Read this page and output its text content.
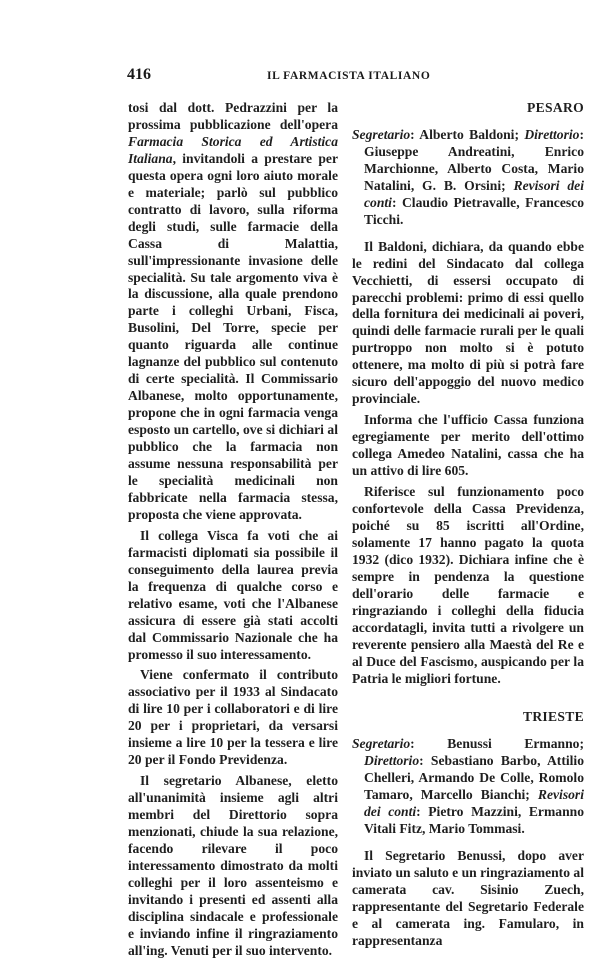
416	IL FARMACISTA ITALIANO

tosi dal dott. Pedrazzini per la prossima pubblicazione dell'opera Farmacia Storica ed Artistica Italiana, invitandoli a prestare per questa opera ogni loro aiuto morale e materiale; parlò sul pubblico contratto di lavoro, sulla riforma degli studi, sulle farmacie della Cassa di Malattia, sull'impressionante invasione delle specialità. Su tale argomento viva è la discussione, alla quale prendono parte i colleghi Urbani, Fisca, Busolini, Del Torre, specie per quanto riguarda alle continue lagnanze del pubblico sul contenuto di certe specialità. Il Commissario Albanese, molto opportunamente, propone che in ogni farmacia venga esposto un cartello, ove si dichiari al pubblico che la farmacia non assume nessuna responsabilità per le specialità medicinali non fabbricate nella farmacia stessa, proposta che viene approvata.

Il collega Visca fa voti che ai farmacisti diplomati sia possibile il conseguimento della laurea previa la frequenza di qualche corso e relativo esame, voti che l'Albanese assicura di essere già stati accolti dal Commissario Nazionale che ha promesso il suo interessamento.

Viene confermato il contributo associativo per il 1933 al Sindacato di lire 10 per i collaboratori e di lire 20 per i proprietari, da versarsi insieme a lire 10 per la tessera e lire 20 per il Fondo Previdenza.

Il segretario Albanese, eletto all'unanimità insieme agli altri membri del Direttorio sopra menzionati, chiude la sua relazione, facendo rilevare il poco interessamento dimostrato da molti colleghi per il loro assenteismo e invitando i presenti ed assenti alla disciplina sindacale e professionale e inviando infine il ringraziamento all'ing. Venuti per il suo intervento.

PESARO

Segretario: Alberto Baldoni; Direttorio: Giuseppe Andreatini, Enrico Marchionne, Alberto Costa, Mario Natalini, G. B. Orsini; Revisori dei conti: Claudio Pietravalle, Francesco Ticchi.

Il Baldoni, dichiara, da quando ebbe le redini del Sindacato dal collega Vecchietti, di essersi occupato di parecchi problemi: primo di essi quello della fornitura dei medicinali ai poveri, quindi delle farmacie rurali per le quali purtroppo non molto si è potuto ottenere, ma molto di più si potrà fare sicuro dell'appoggio del nuovo medico provinciale.

Informa che l'ufficio Cassa funziona egregiamente per merito dell'ottimo collega Amedeo Natalini, cassa che ha un attivo di lire 605.

Riferisce sul funzionamento poco confortevole della Cassa Previdenza, poiché su 85 iscritti all'Ordine, solamente 17 hanno pagato la quota 1932 (dico 1932). Dichiara infine che è sempre in pendenza la questione dell'orario delle farmacie e ringraziando i colleghi della fiducia accordatagli, invita tutti a rivolgere un reverente pensiero alla Maestà del Re e al Duce del Fascismo, auspicando per la Patria le migliori fortune.

TRIESTE

Segretario: Benussi Ermanno; Direttorio: Sebastiano Barbo, Attilio Chelleri, Armando De Colle, Romolo Tamaro, Marcello Bianchi; Revisori dei conti: Pietro Mazzini, Ermanno Vitali Fitz, Mario Tommasi.

Il Segretario Benussi, dopo aver inviato un saluto e un ringraziamento al camerata cav. Sisinio Zuech, rappresentante del Segretario Federale e al camerata ing. Famularo, in rappresentanza
